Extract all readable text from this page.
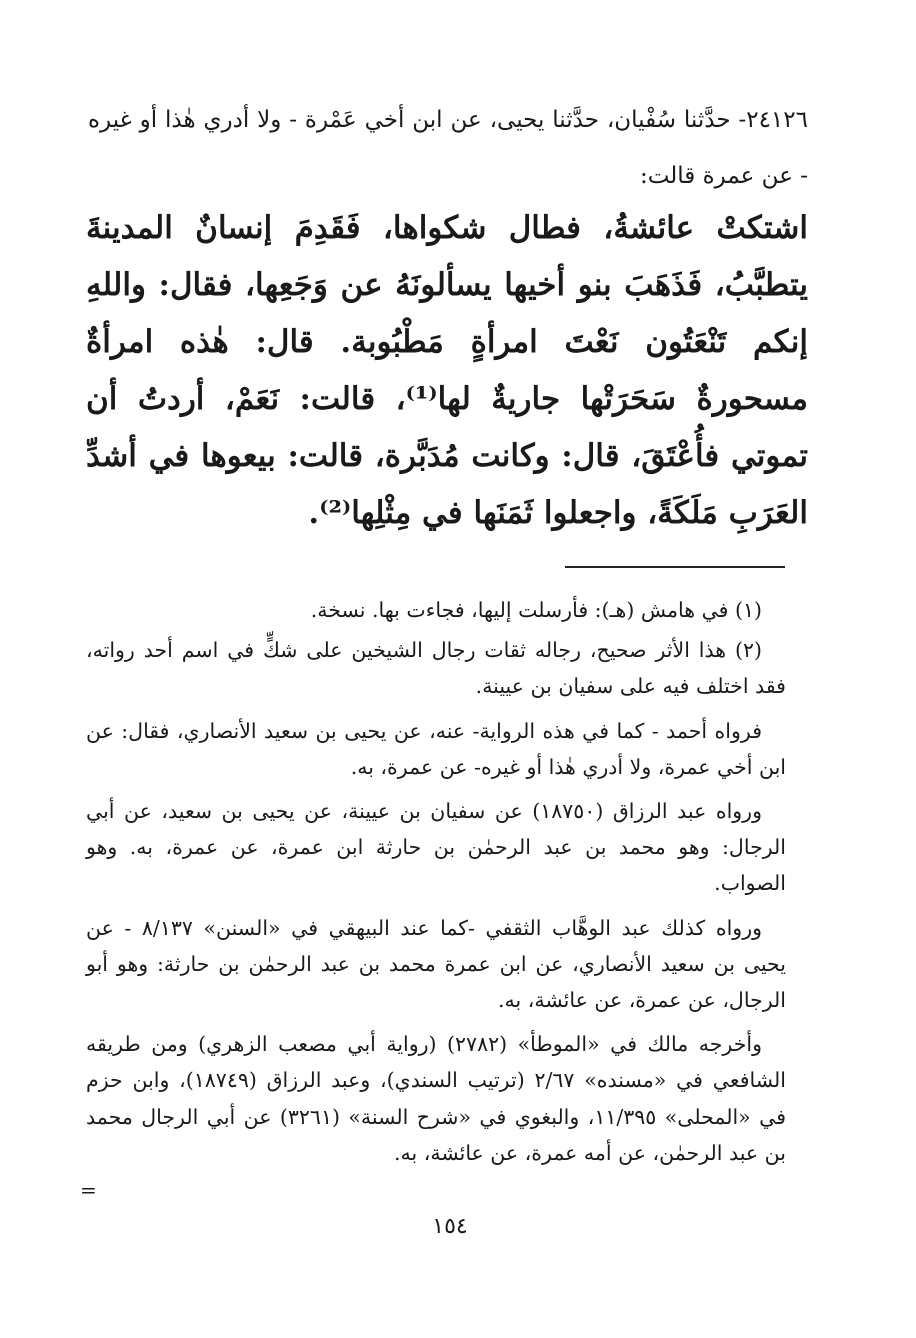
٢٤١٢٦- حدَّثنا سُفْيان، حدَّثنا يحيى، عن ابن أخي عَمْرة - ولا أدري هٰذا أو غيره - عن عمرة قالت:
اشتكتْ عائشةُ، فطال شكواها، فَقَدِمَ إنسانٌ المدينةَ يتطبَّبُ، فَذَهَبَ بنو أخيها يسألونَهُ عن وَجَعِها، فقال: واللهِ إنكم تَنْعَتُون نَعْتَ امرأةٍ مَطْبُوبة. قال: هٰذه امرأةٌ مسحورةٌ سَحَرَتْها جاريةٌ لها⁽¹⁾، قالت: نَعَمْ، أردتُ أن تموتي فأُعْتَقَ، قال: وكانت مُدَبَّرة، قالت: بيعوها في أشدِّ العَرَبِ مَلَكَةً، واجعلوا ثَمَنَها في مِثْلِها⁽²⁾.

(١) في هامش (هـ): فأرسلت إليها، فجاءت بها. نسخة.

(٢) هذا الأثر صحيح، رجاله ثقات رجال الشيخين على شكٍّ في اسم أحد رواته، فقد اختلف فيه على سفيان بن عيينة.

فرواه أحمد - كما في هذه الرواية- عنه، عن يحيى بن سعيد الأنصاري، فقال: عن ابن أخي عمرة، ولا أدري هٰذا أو غيره- عن عمرة، به.

ورواه عبد الرزاق (١٨٧٥٠) عن سفيان بن عيينة، عن يحيى بن سعيد، عن أبي الرجال: وهو محمد بن عبد الرحمٰن بن حارثة ابن عمرة، عن عمرة، به. وهو الصواب.

ورواه كذلك عبد الوهَّاب الثقفي -كما عند البيهقي في «السنن» ٨/١٣٧ - عن يحيى بن سعيد الأنصاري، عن ابن عمرة محمد بن عبد الرحمٰن بن حارثة: وهو أبو الرجال، عن عمرة، عن عائشة، به.

وأخرجه مالك في «الموطأ» (٢٧٨٢) (رواية أبي مصعب الزهري) ومن طريقه الشافعي في «مسنده» ٢/٦٧ (ترتيب السندي)، وعبد الرزاق (١٨٧٤٩)، وابن حزم في «المحلى» ١١/٣٩٥، والبغوي في «شرح السنة» (٣٢٦١) عن أبي الرجال محمد بن عبد الرحمٰن، عن أمه عمرة، عن عائشة، به.

=
١٥٤
